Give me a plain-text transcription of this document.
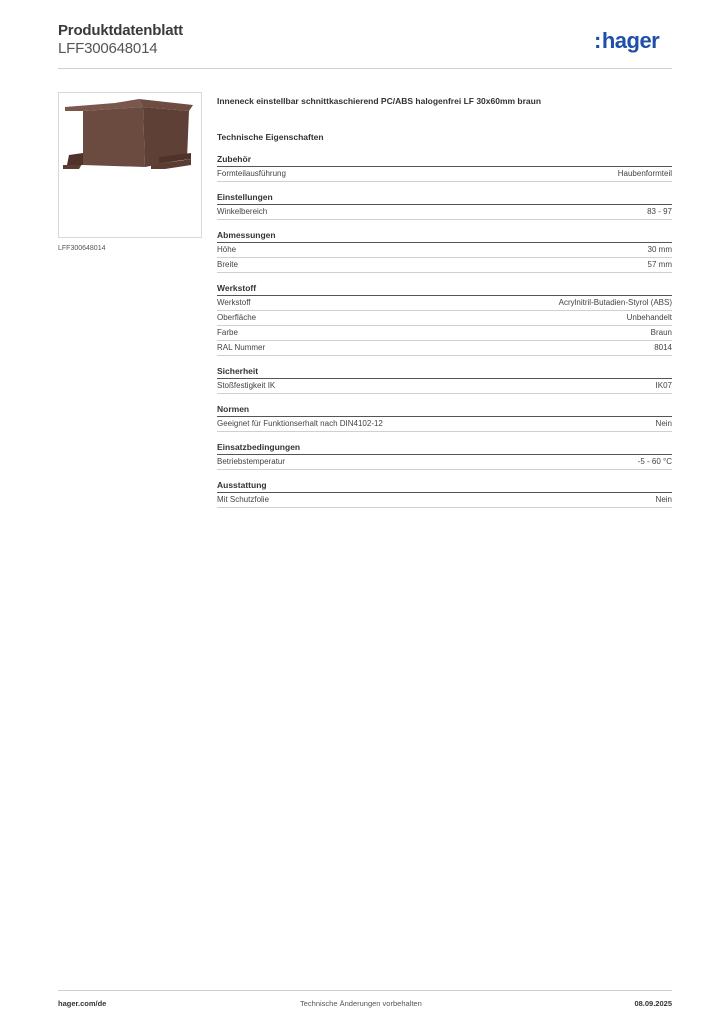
Produktdatenblatt
LFF300648014	:hager
LFF300648014
Inneneck einstellbar schnittkaschierend PC/ABS halogenfrei LF 30x60mm braun
Technische Eigenschaften
Zubehör
Formteilausführung	Haubenformteil
Einstellungen
Winkelbereich	83 - 97
Abmessungen
Höhe	30 mm
Breite	57 mm
Werkstoff
Werkstoff	Acrylnitril-Butadien-Styrol (ABS)
Oberfläche	Unbehandelt
Farbe	Braun
RAL Nummer	8014
Sicherheit
Stoßfestigkeit IK	IK07
Normen
Geeignet für Funktionserhalt nach DIN4102-12	Nein
Einsatzbedingungen
Betriebstemperatur	-5 - 60 °C
Ausstattung
Mit Schutzfolie	Nein
hager.com/de	Technische Änderungen vorbehalten	08.09.2025
